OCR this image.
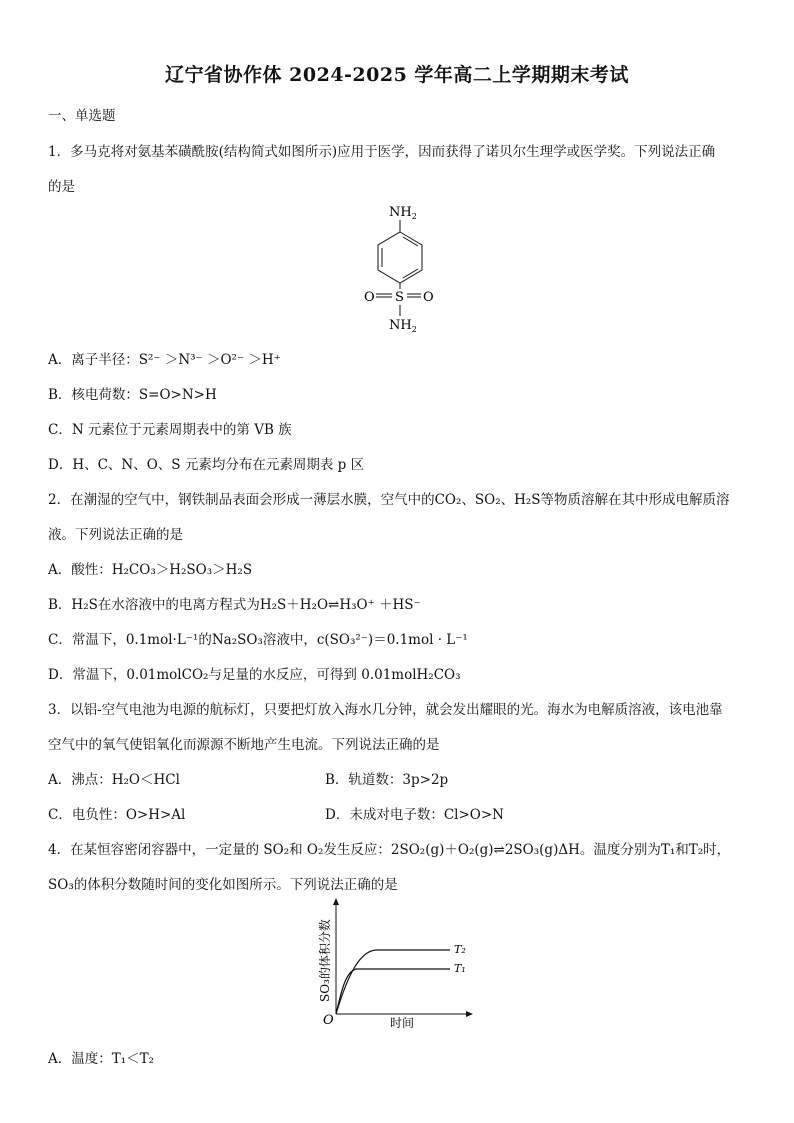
辽宁省协作体 2024-2025 学年高二上学期期末考试
一、单选题
1．多马克将对氨基苯磺酰胺(结构简式如图所示)应用于医学，因而获得了诺贝尔生理学或医学奖。下列说法正确
的是
$NH_2$
O S O
$NH_2$
A．离子半径：S²⁻ ＞N³⁻ ＞O²⁻ ＞H⁺
B．核电荷数：S=O>N>H
C．N 元素位于元素周期表中的第 VB 族
D．H、C、N、O、S 元素均分布在元素周期表 p 区
2．在潮湿的空气中，钢铁制品表面会形成一薄层水膜，空气中的CO₂、SO₂、H₂S等物质溶解在其中形成电解质溶
液。下列说法正确的是
A．酸性：H₂CO₃＞H₂SO₃＞H₂S
B．H₂S在水溶液中的电离方程式为H₂S＋H₂O⇌H₃O⁺ ＋HS⁻
C．常温下，0.1mol·L⁻¹的Na₂SO₃溶液中，c(SO₃²⁻)＝0.1mol · L⁻¹
D．常温下，0.01molCO₂与足量的水反应，可得到 0.01molH₂CO₃
3．以铝-空气电池为电源的航标灯，只要把灯放入海水几分钟，就会发出耀眼的光。海水为电解质溶液，该电池靠
空气中的氧气使铝氧化而源源不断地产生电流。下列说法正确的是
A．沸点：H₂O＜HCl	B．轨道数：3p>2p
C．电负性：O>H>Al	D．未成对电子数：Cl>O>N
4．在某恒容密闭容器中，一定量的 SO₂和 O₂发生反应：2SO₂(g)＋O₂(g)⇌2SO₃(g)ΔH。温度分别为T₁和T₂时，
SO₃的体积分数随时间的变化如图所示。下列说法正确的是
O	时间
SO₃的体积分数	T₂
T₁
A．温度：T₁＜T₂
